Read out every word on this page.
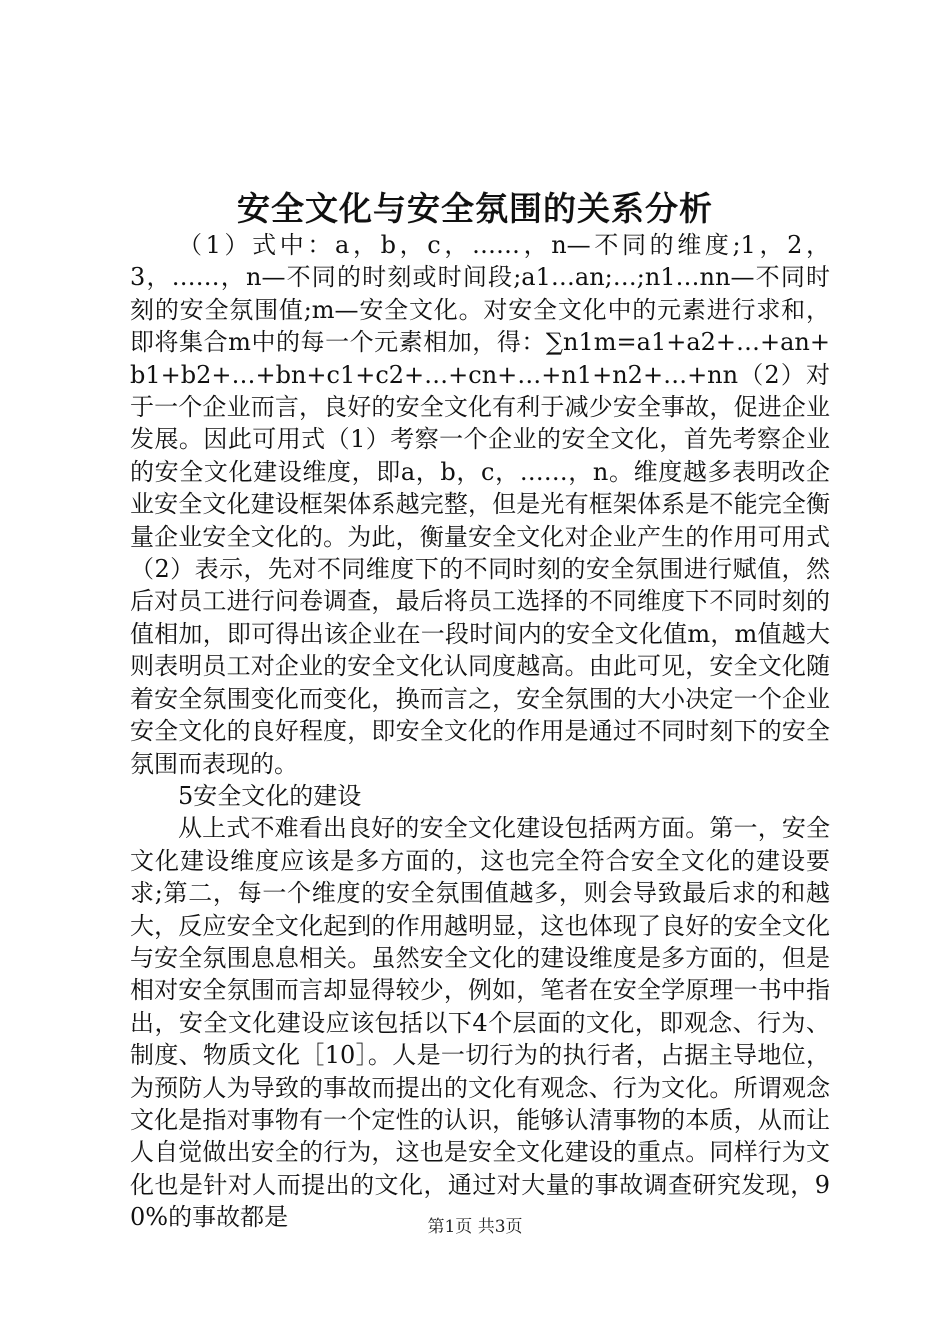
安全文化与安全氛围的关系分析

（1）式中：a，b，c，……，n—不同的维度;1，2，3，……，n—不同的时刻或时间段;a1…an;…;n1…nn—不同时刻的安全氛围值;m—安全文化。对安全文化中的元素进行求和，即将集合m中的每一个元素相加，得：∑n1m=a1+a2+…+an+b1+b2+…+bn+c1+c2+…+cn+…+n1+n2+…+nn（2）对于一个企业而言，良好的安全文化有利于减少安全事故，促进企业发展。因此可用式（1）考察一个企业的安全文化，首先考察企业的安全文化建设维度，即a，b，c，……，n。维度越多表明改企业安全文化建设框架体系越完整，但是光有框架体系是不能完全衡量企业安全文化的。为此，衡量安全文化对企业产生的作用可用式（2）表示，先对不同维度下的不同时刻的安全氛围进行赋值，然后对员工进行问卷调查，最后将员工选择的不同维度下不同时刻的值相加，即可得出该企业在一段时间内的安全文化值m，m值越大则表明员工对企业的安全文化认同度越高。由此可见，安全文化随着安全氛围变化而变化，换而言之，安全氛围的大小决定一个企业安全文化的良好程度，即安全文化的作用是通过不同时刻下的安全氛围而表现的。

5安全文化的建设

从上式不难看出良好的安全文化建设包括两方面。第一，安全文化建设维度应该是多方面的，这也完全符合安全文化的建设要求;第二，每一个维度的安全氛围值越多，则会导致最后求的和越大，反应安全文化起到的作用越明显，这也体现了良好的安全文化与安全氛围息息相关。虽然安全文化的建设维度是多方面的，但是相对安全氛围而言却显得较少，例如，笔者在安全学原理一书中指出，安全文化建设应该包括以下4个层面的文化，即观念、行为、制度、物质文化［10］。人是一切行为的执行者，占据主导地位，为预防人为导致的事故而提出的文化有观念、行为文化。所谓观念文化是指对事物有一个定性的认识，能够认清事物的本质，从而让人自觉做出安全的行为，这也是安全文化建设的重点。同样行为文化也是针对人而提出的文化，通过对大量的事故调查研究发现，90%的事故都是	第1页 共3页
